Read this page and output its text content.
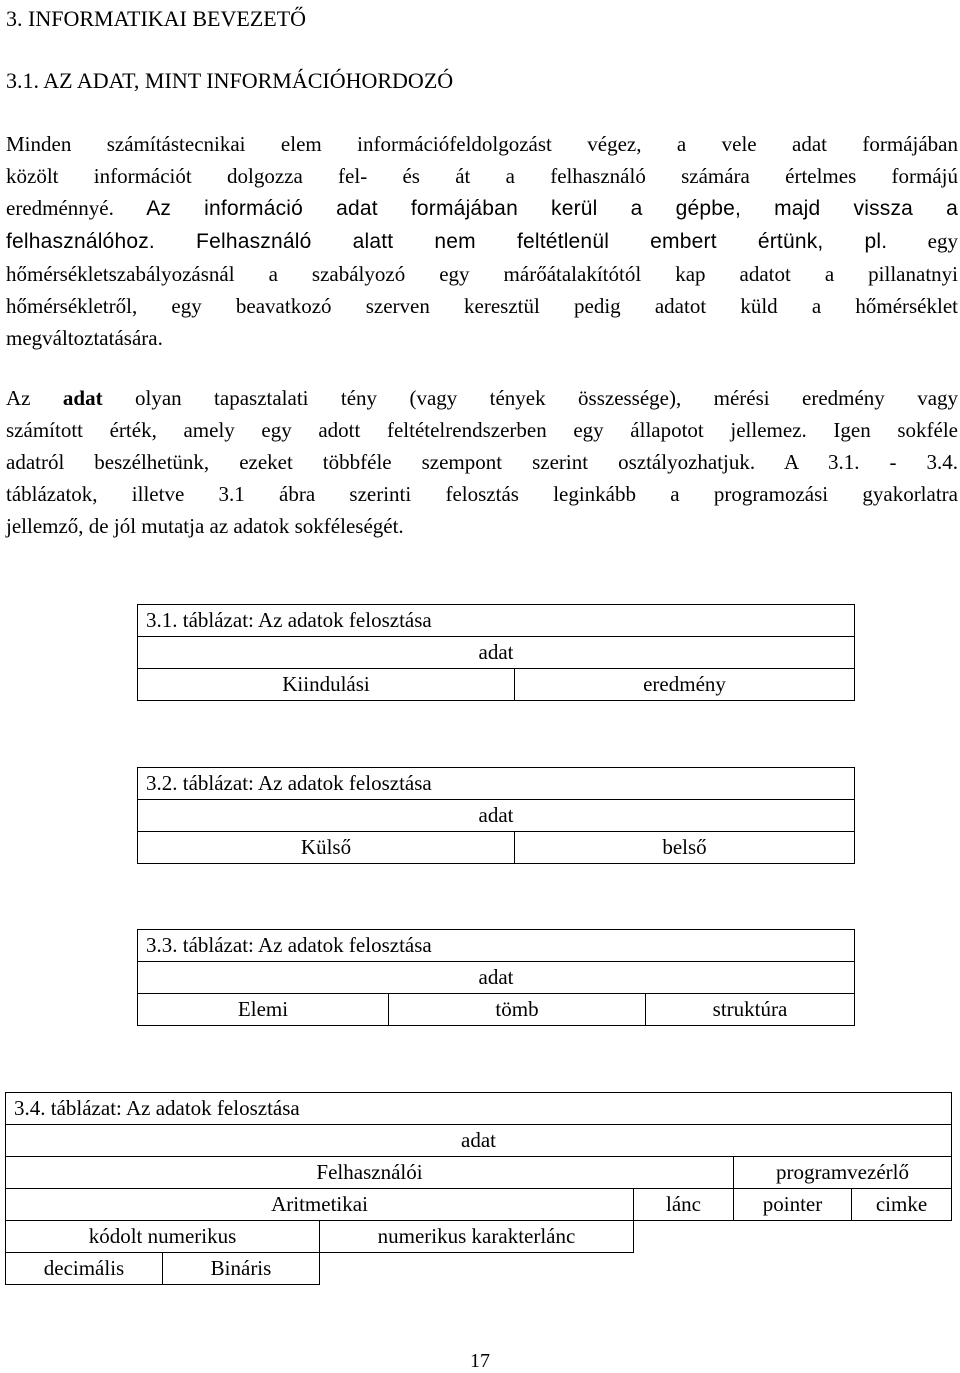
3. INFORMATIKAI BEVEZETŐ
3.1. AZ ADAT, MINT INFORMÁCIÓHORDOZÓ
Minden számítástecnikai elem információfeldolgozást végez, a vele adat formájában
közölt információt dolgozza fel- és át a felhasználó számára értelmes formájú
eredménnyé. Az információ adat formájában kerül a gépbe, majd vissza a
felhasználóhoz. Felhasználó alatt nem feltétlenül embert értünk, pl. egy
hőmérsékletszabályozásnál a szabályozó egy márőátalakítótól kap adatot a pillanatnyi
hőmérsékletről, egy beavatkozó szerven keresztül pedig adatot küld a hőmérséklet
megváltoztatására.
Az adat olyan tapasztalati tény (vagy tények összessége), mérési eredmény vagy
számított érték, amely egy adott feltételrendszerben egy állapotot jellemez. Igen sokféle
adatról beszélhetünk, ezeket többféle szempont szerint osztályozhatjuk. A 3.1. - 3.4.
táblázatok, illetve 3.1 ábra szerinti felosztás leginkább a programozási gyakorlatra
jellemző, de jól mutatja az adatok sokféleségét.
3.1. táblázat: Az adatok felosztása
adat
Kiindulási	eredmény
3.2. táblázat: Az adatok felosztása
adat
Külső	belső
3.3. táblázat: Az adatok felosztása
adat
Elemi	tömb	struktúra
3.4. táblázat: Az adatok felosztása					
adat					
Felhasználói				programvezérlő	
Aritmetikai			lánc	pointer	cimke
kódolt numerikus		numerikus karakterlánc			
decimális	Bináris				
17
